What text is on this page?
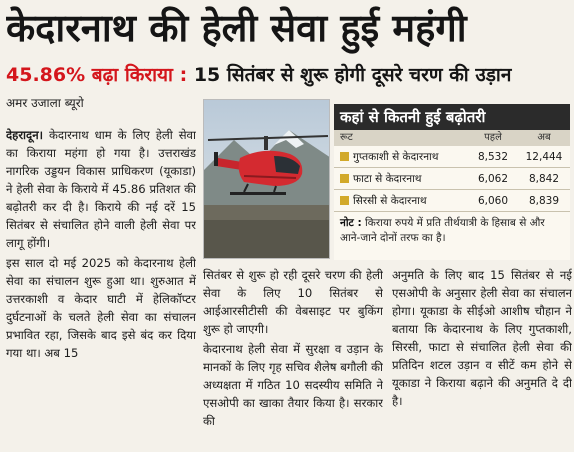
केदारनाथ की हेली सेवा हुई महंगी
45.86% बढ़ा किराया : 15 सितंबर से शुरू होगी दूसरे चरण की उड़ान
अमर उजाला ब्यूरो

देहरादून। केदारनाथ धाम के लिए हेली सेवा का किराया महंगा हो गया है। उत्तराखंड नागरिक उड्डयन विकास प्राधिकरण (यूकाडा) ने हेली सेवा के किराये में 45.86 प्रतिशत की बढ़ोतरी कर दी है। किराये की नई दरें 15 सितंबर से संचालित होने वाली हेली सेवा पर लागू होंगी।

इस साल दो मई 2025 को केदारनाथ हेली सेवा का संचालन शुरू हुआ था। शुरुआत में उत्तरकाशी व केदार घाटी में हेलिकॉप्टर दुर्घटनाओं के चलते हेली सेवा का संचालन प्रभावित रहा, जिसके बाद इसे बंद कर दिया गया था। अब 15

कहां से कितनी हुई बढ़ोतरी
रूट	पहले	अब
गुप्तकाशी से केदारनाथ	8,532	12,444
फाटा से केदारनाथ	6,062	8,842
सिरसी से केदारनाथ	6,060	8,839
नोट : किराया रुपये में प्रति तीर्थयात्री के हिसाब से और आने-जाने दोनों तरफ का है।

सितंबर से शुरू हो रही दूसरे चरण की हेली सेवा के लिए 10 सितंबर से आईआरसीटीसी की वेबसाइट पर बुकिंग शुरू हो जाएगी।

केदारनाथ हेली सेवा में सुरक्षा व उड़ान के मानकों के लिए गृह सचिव शैलेष बगौली की अध्यक्षता में गठित 10 सदस्यीय समिति ने एसओपी का खाका तैयार किया है। सरकार की

अनुमति के लिए बाद 15 सितंबर से नई एसओपी के अनुसार हेली सेवा का संचालन होगा। यूकाडा के सीईओ आशीष चौहान ने बताया कि केदारनाथ के लिए गुप्तकाशी, सिरसी, फाटा से संचालित हेली सेवा की प्रतिदिन शटल उड़ान व सीटें कम होने से यूकाडा ने किराया बढ़ाने की अनुमति दे दी है।
